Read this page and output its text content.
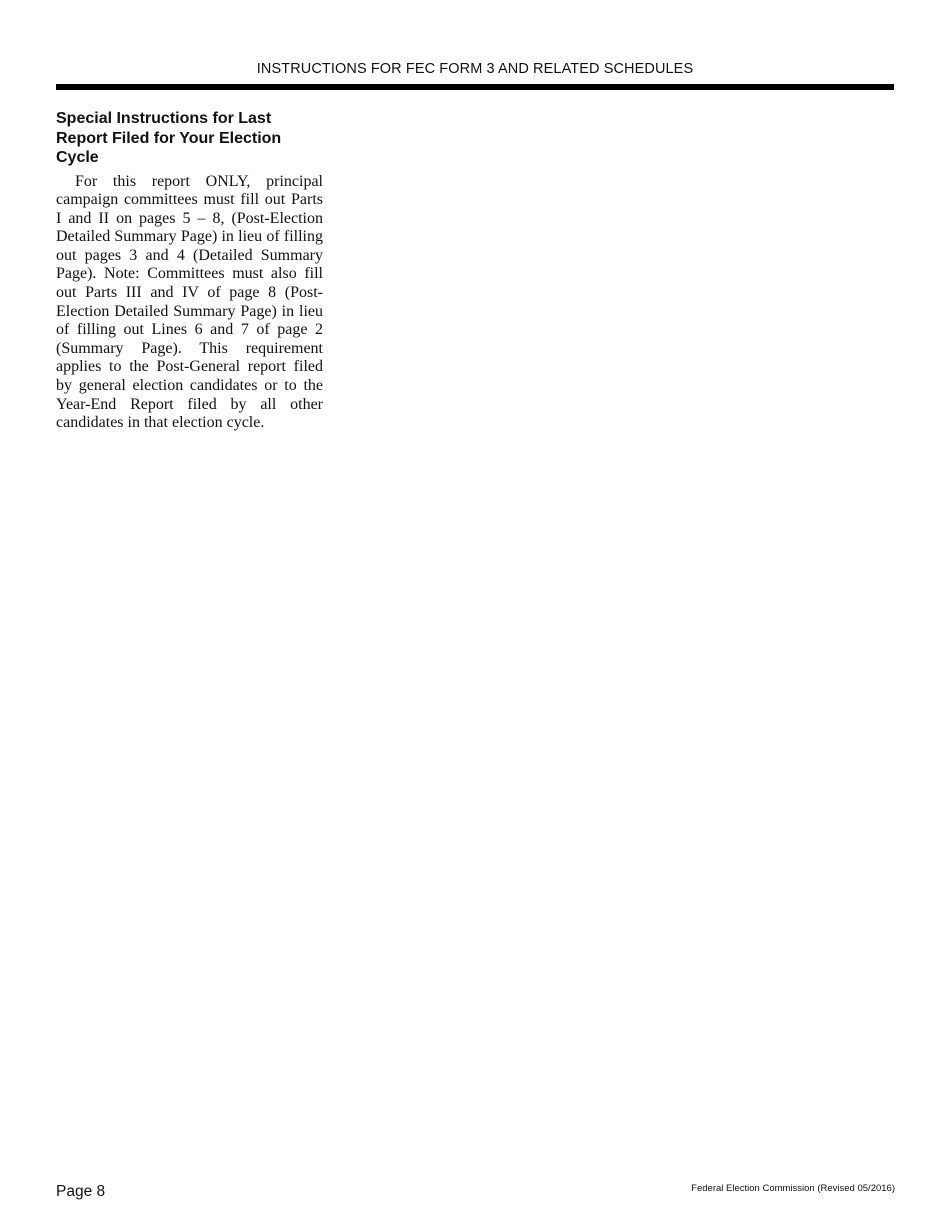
INSTRUCTIONS FOR FEC FORM 3 AND RELATED SCHEDULES
Special Instructions for Last Report Filed for Your Election Cycle

For this report ONLY, principal campaign committees must fill out Parts I and II on pages 5 – 8, (Post-Election Detailed Summary Page) in lieu of filling out pages 3 and 4 (Detailed Summary Page). Note: Committees must also fill out Parts III and IV of page 8 (Post-Election Detailed Summary Page) in lieu of filling out Lines 6 and 7 of page 2 (Summary Page). This requirement applies to the Post-General report filed by general election candidates or to the Year-End Report filed by all other candidates in that election cycle.

Page 8	Federal Election Commission (Revised 05/2016)
